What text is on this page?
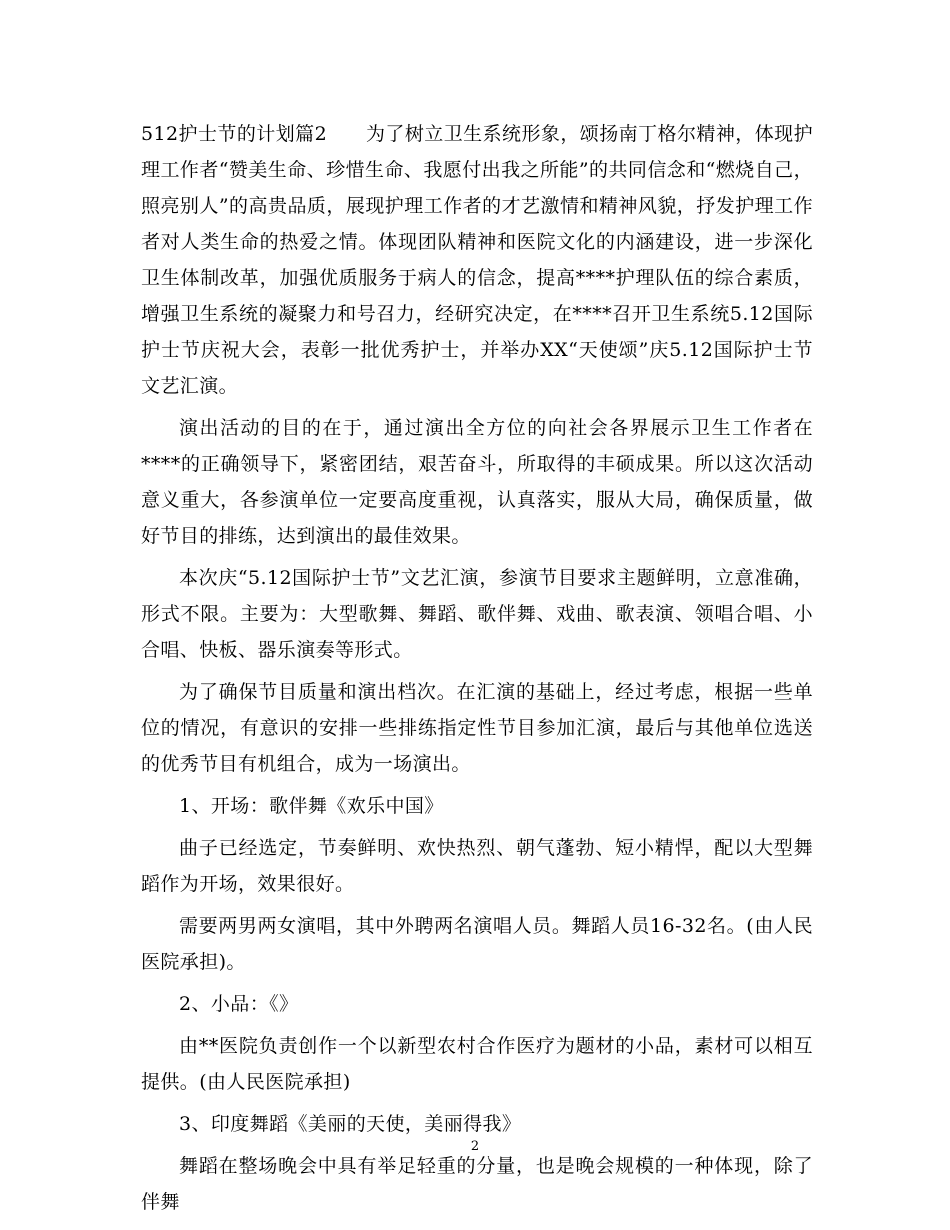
512护士节的计划篇2　　为了树立卫生系统形象，颂扬南丁格尔精神，体现护理工作者“赞美生命、珍惜生命、我愿付出我之所能”的共同信念和“燃烧自己，照亮别人”的高贵品质，展现护理工作者的才艺激情和精神风貌，抒发护理工作者对人类生命的热爱之情。体现团队精神和医院文化的内涵建设，进一步深化卫生体制改革，加强优质服务于病人的信念，提高****护理队伍的综合素质，增强卫生系统的凝聚力和号召力，经研究决定，在****召开卫生系统5.12国际护士节庆祝大会，表彰一批优秀护士，并举办XX“天使颂”庆5.12国际护士节文艺汇演。

演出活动的目的在于，通过演出全方位的向社会各界展示卫生工作者在****的正确领导下，紧密团结，艰苦奋斗，所取得的丰硕成果。所以这次活动意义重大，各参演单位一定要高度重视，认真落实，服从大局，确保质量，做好节目的排练，达到演出的最佳效果。

本次庆“5.12国际护士节”文艺汇演，参演节目要求主题鲜明，立意准确，形式不限。主要为：大型歌舞、舞蹈、歌伴舞、戏曲、歌表演、领唱合唱、小合唱、快板、器乐演奏等形式。

为了确保节目质量和演出档次。在汇演的基础上，经过考虑，根据一些单位的情况，有意识的安排一些排练指定性节目参加汇演，最后与其他单位选送的优秀节目有机组合，成为一场演出。

1、开场：歌伴舞《欢乐中国》

曲子已经选定，节奏鲜明、欢快热烈、朝气蓬勃、短小精悍，配以大型舞蹈作为开场，效果很好。

需要两男两女演唱，其中外聘两名演唱人员。舞蹈人员16-32名。(由人民医院承担)。

2、小品：《》

由**医院负责创作一个以新型农村合作医疗为题材的小品，素材可以相互提供。(由人民医院承担)

3、印度舞蹈《美丽的天使，美丽得我》

舞蹈在整场晚会中具有举足轻重的分量，也是晚会规模的一种体现，除了伴舞

2
